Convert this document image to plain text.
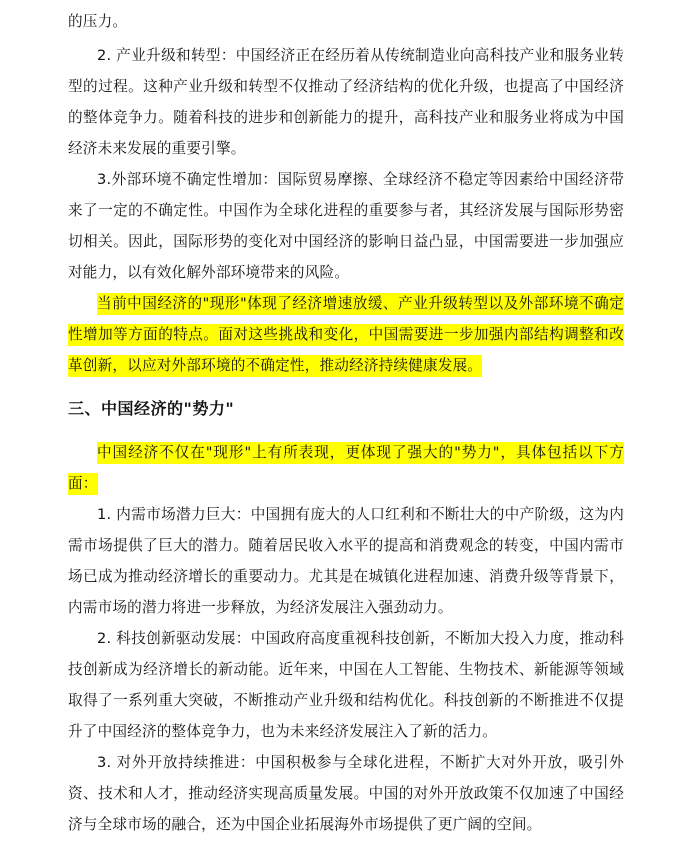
的压力。

2. 产业升级和转型：中国经济正在经历着从传统制造业向高科技产业和服务业转型的过程。这种产业升级和转型不仅推动了经济结构的优化升级，也提高了中国经济的整体竞争力。随着科技的进步和创新能力的提升，高科技产业和服务业将成为中国经济未来发展的重要引擎。

3.外部环境不确定性增加：国际贸易摩擦、全球经济不稳定等因素给中国经济带来了一定的不确定性。中国作为全球化进程的重要参与者，其经济发展与国际形势密切相关。因此，国际形势的变化对中国经济的影响日益凸显，中国需要进一步加强应对能力，以有效化解外部环境带来的风险。

当前中国经济的"现形"体现了经济增速放缓、产业升级转型以及外部环境不确定性增加等方面的特点。面对这些挑战和变化，中国需要进一步加强内部结构调整和改革创新，以应对外部环境的不确定性，推动经济持续健康发展。

三、中国经济的"势力"

中国经济不仅在"现形"上有所表现，更体现了强大的"势力"，具体包括以下方面：

1. 内需市场潜力巨大：中国拥有庞大的人口红利和不断壮大的中产阶级，这为内需市场提供了巨大的潜力。随着居民收入水平的提高和消费观念的转变，中国内需市场已成为推动经济增长的重要动力。尤其是在城镇化进程加速、消费升级等背景下，内需市场的潜力将进一步释放，为经济发展注入强劲动力。

2. 科技创新驱动发展：中国政府高度重视科技创新，不断加大投入力度，推动科技创新成为经济增长的新动能。近年来，中国在人工智能、生物技术、新能源等领域取得了一系列重大突破，不断推动产业升级和结构优化。科技创新的不断推进不仅提升了中国经济的整体竞争力，也为未来经济发展注入了新的活力。

3. 对外开放持续推进：中国积极参与全球化进程，不断扩大对外开放，吸引外资、技术和人才，推动经济实现高质量发展。中国的对外开放政策不仅加速了中国经济与全球市场的融合，还为中国企业拓展海外市场提供了更广阔的空间。
